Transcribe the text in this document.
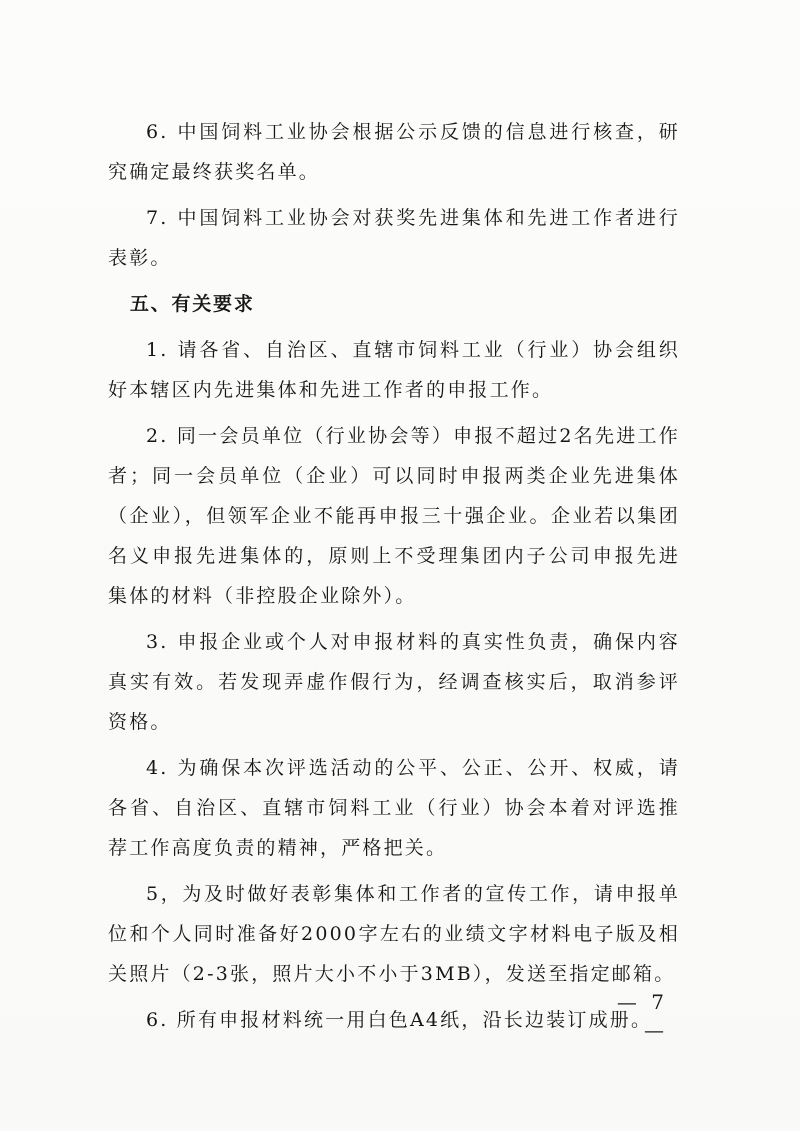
6. 中国饲料工业协会根据公示反馈的信息进行核查，研究确定最终获奖名单。

7. 中国饲料工业协会对获奖先进集体和先进工作者进行表彰。

五、有关要求

1. 请各省、自治区、直辖市饲料工业（行业）协会组织好本辖区内先进集体和先进工作者的申报工作。

2. 同一会员单位（行业协会等）申报不超过2名先进工作者；同一会员单位（企业）可以同时申报两类企业先进集体（企业），但领军企业不能再申报三十强企业。企业若以集团名义申报先进集体的，原则上不受理集团内子公司申报先进集体的材料（非控股企业除外）。

3. 申报企业或个人对申报材料的真实性负责，确保内容真实有效。若发现弄虚作假行为，经调查核实后，取消参评资格。

4. 为确保本次评选活动的公平、公正、公开、权威，请各省、自治区、直辖市饲料工业（行业）协会本着对评选推荐工作高度负责的精神，严格把关。

5，为及时做好表彰集体和工作者的宣传工作，请申报单位和个人同时准备好2000字左右的业绩文字材料电子版及相关照片（2-3张，照片大小不小于3MB），发送至指定邮箱。

6. 所有申报材料统一用白色A4纸，沿长边装订成册。

— 7 —
